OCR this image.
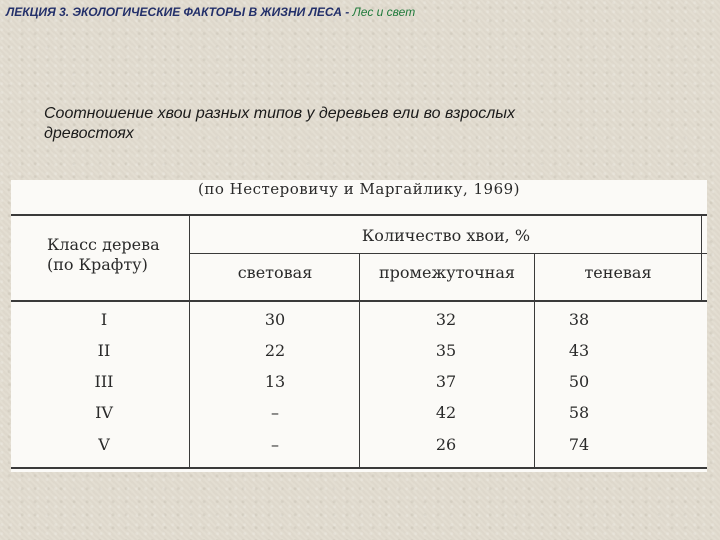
ЛЕКЦИЯ 3. ЭКОЛОГИЧЕСКИЕ ФАКТОРЫ В ЖИЗНИ ЛЕСА - Лес и свет
Соотношение хвои разных типов у деревьев ели во взрослых древостоях
(по Нестеровичу и Маргайлику, 1969)
Класс дерева
(по Крафту)
Количество хвои, %
световая	промежуточная	теневая
I	30	32	38
II	22	35	43
III	13	37	50
IV	–	42	58
V	–	26	74
